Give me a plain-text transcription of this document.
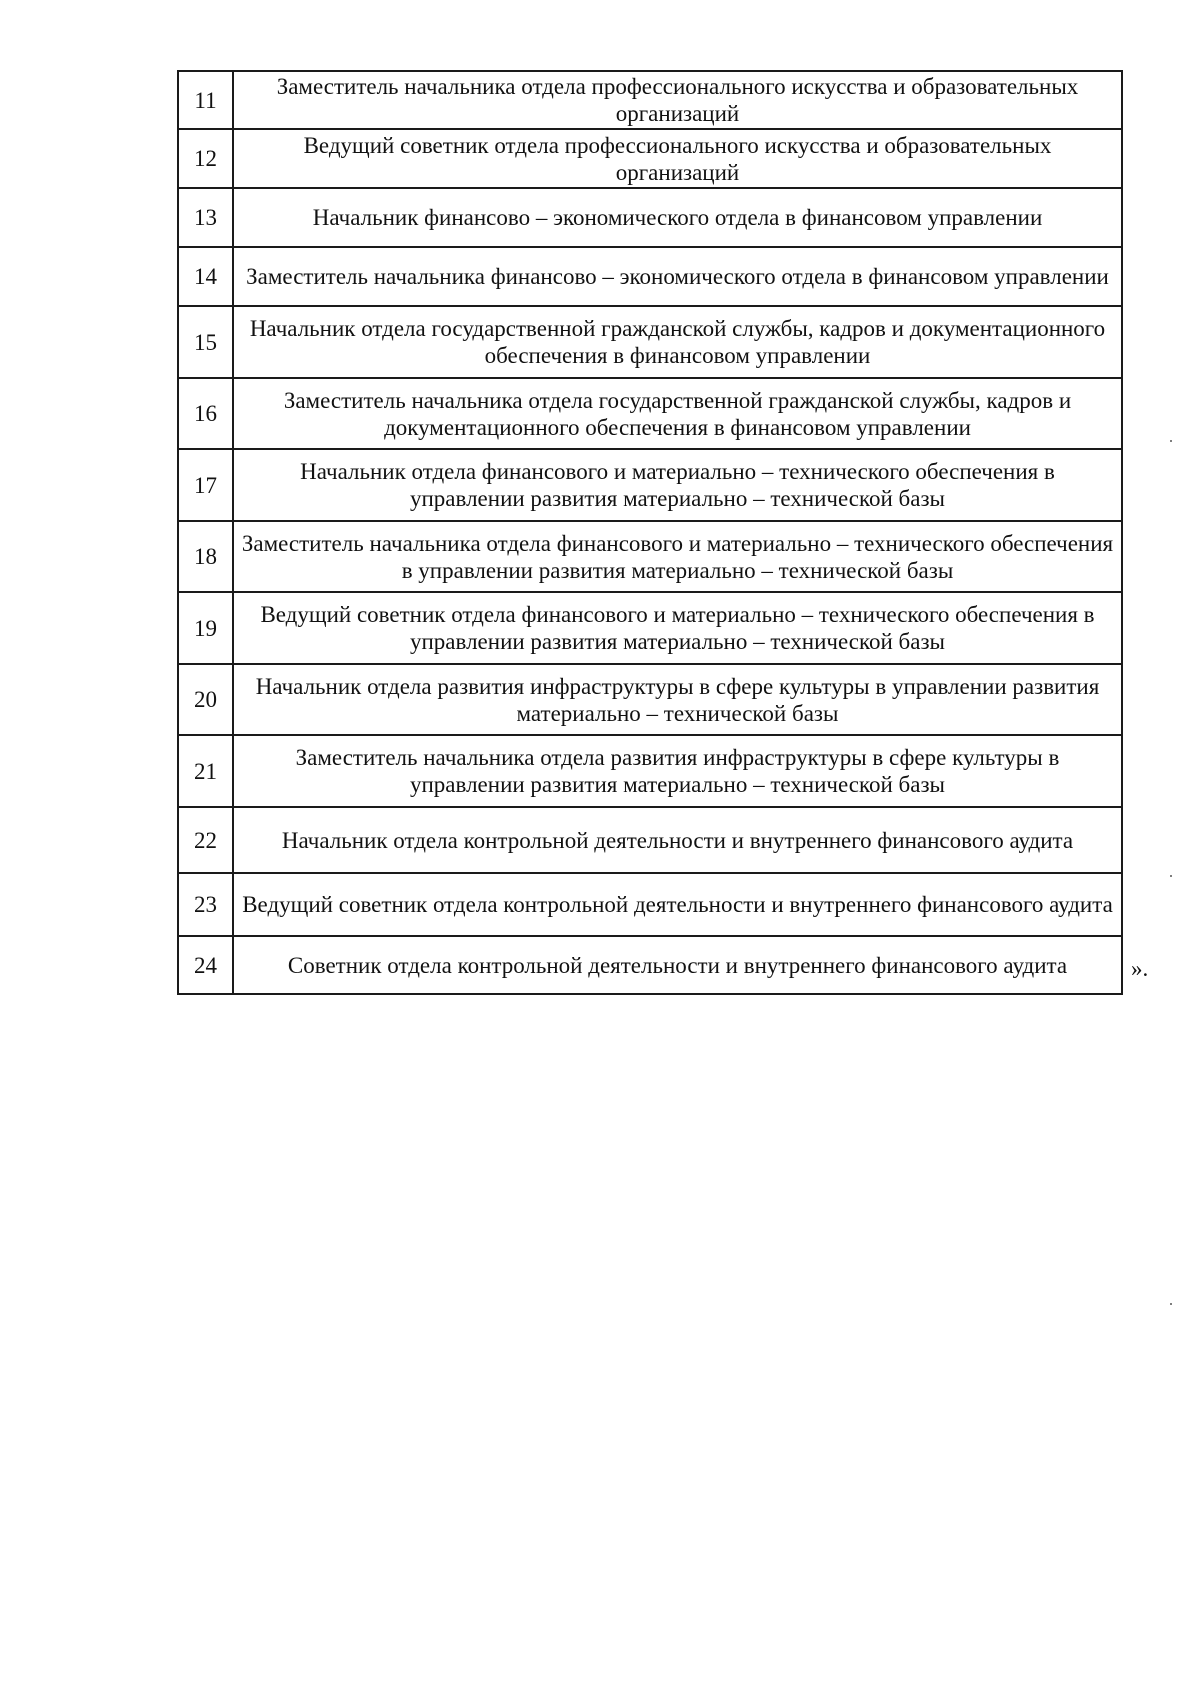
11	Заместитель начальника отдела профессионального искусства и образовательных организаций
12	Ведущий советник отдела профессионального искусства и образовательных организаций
13	Начальник финансово – экономического отдела в финансовом управлении
14	Заместитель начальника финансово – экономического отдела в финансовом управлении
15	Начальник отдела государственной гражданской службы, кадров и документационного обеспечения в финансовом управлении
16	Заместитель начальника отдела государственной гражданской службы, кадров и документационного обеспечения в финансовом управлении
17	Начальник отдела финансового и материально – технического обеспечения в управлении развития материально – технической базы
18	Заместитель начальника отдела финансового и материально – технического обеспечения в управлении развития материально – технической базы
19	Ведущий советник отдела финансового и материально – технического обеспечения в управлении развития материально – технической базы
20	Начальник отдела развития инфраструктуры в сфере культуры в управлении развития материально – технической базы
21	Заместитель начальника отдела развития инфраструктуры в сфере культуры в управлении развития материально – технической базы
22	Начальник отдела контрольной деятельности и внутреннего финансового аудита
23	Ведущий советник отдела контрольной деятельности и внутреннего финансового аудита
24	Советник отдела контрольной деятельности и внутреннего финансового аудита	».
